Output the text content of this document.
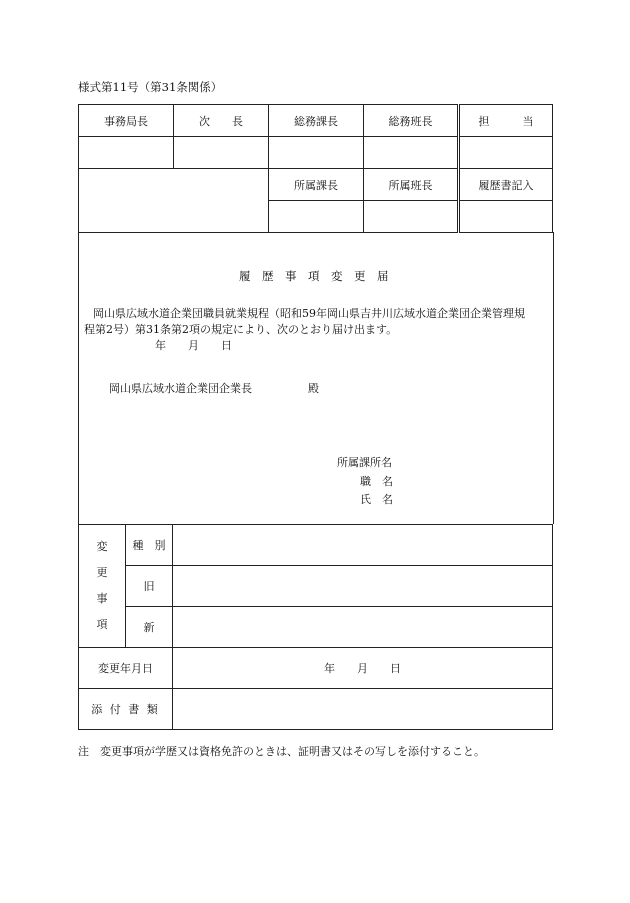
様式第11号（第31条関係）
事務局長	次　　長	総務課長	総務班長	担　　　当

		所属課長	所属班長	履歴書記入

履　歴　事　項　変　更　届
岡山県広域水道企業団職員就業規程（昭和59年岡山県吉井川広域水道企業団企業管理規
程第2号）第31条第2項の規定により、次のとおり届け出ます。
年　　月　　日
岡山県広域水道企業団企業長	殿
所属課所名
職　名
氏　名
変
更
事
項	種　別	
	旧	
	新	
変更年月日		年　　月　　日
添 付 書 類		
注　変更事項が学歴又は資格免許のときは、証明書又はその写しを添付すること。
